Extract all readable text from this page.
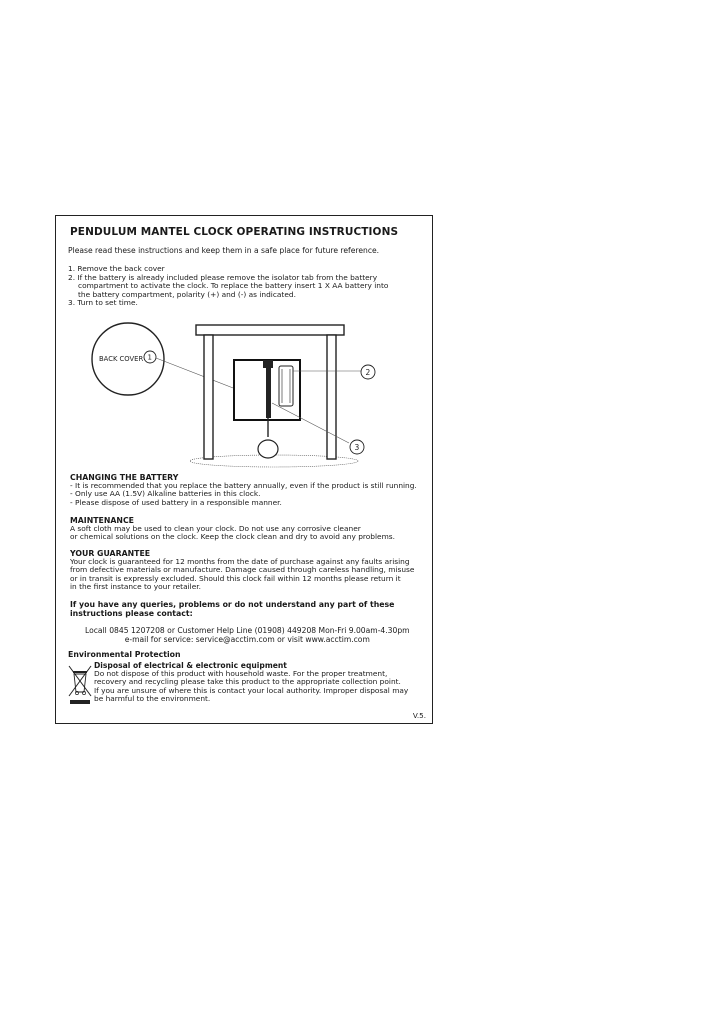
PENDULUM MANTEL CLOCK OPERATING INSTRUCTIONS
Please read these instructions and keep them in a safe place for future reference.
1. Remove the back cover
2. If the battery is already included please remove the isolator tab from the battery
compartment to activate the clock. To replace the battery insert 1 X AA battery into
the battery compartment, polarity (+) and (-) as indicated.
3. Turn to set time.
BACK COVER 1
2
3
CHANGING THE BATTERY
- It is recommended that you replace the battery annually, even if the product is still running.
- Only use AA (1.5V) Alkaline batteries in this clock.
- Please dispose of used battery in a responsible manner.
MAINTENANCE
A soft cloth may be used to clean your clock. Do not use any corrosive cleaner
or chemical solutions on the clock. Keep the clock clean and dry to avoid any problems.
YOUR GUARANTEE
Your clock is guaranteed for 12 months from the date of purchase against any faults arising
from defective materials or manufacture. Damage caused through careless handling, misuse
or in transit is expressly excluded. Should this clock fail within 12 months please return it
in the first instance to your retailer.
If you have any queries, problems or do not understand any part of these
instructions please contact:
Locall 0845 1207208 or Customer Help Line (01908) 449208 Mon-Fri 9.00am-4.30pm
e-mail for service: service@acctim.com or visit www.acctim.com
Environmental Protection
Disposal of electrical & electronic equipment
Do not dispose of this product with household waste. For the proper treatment,
recovery and recycling please take this product to the appropriate collection point.
If you are unsure of where this is contact your local authority. Improper disposal may
be harmful to the environment.
V.5.
